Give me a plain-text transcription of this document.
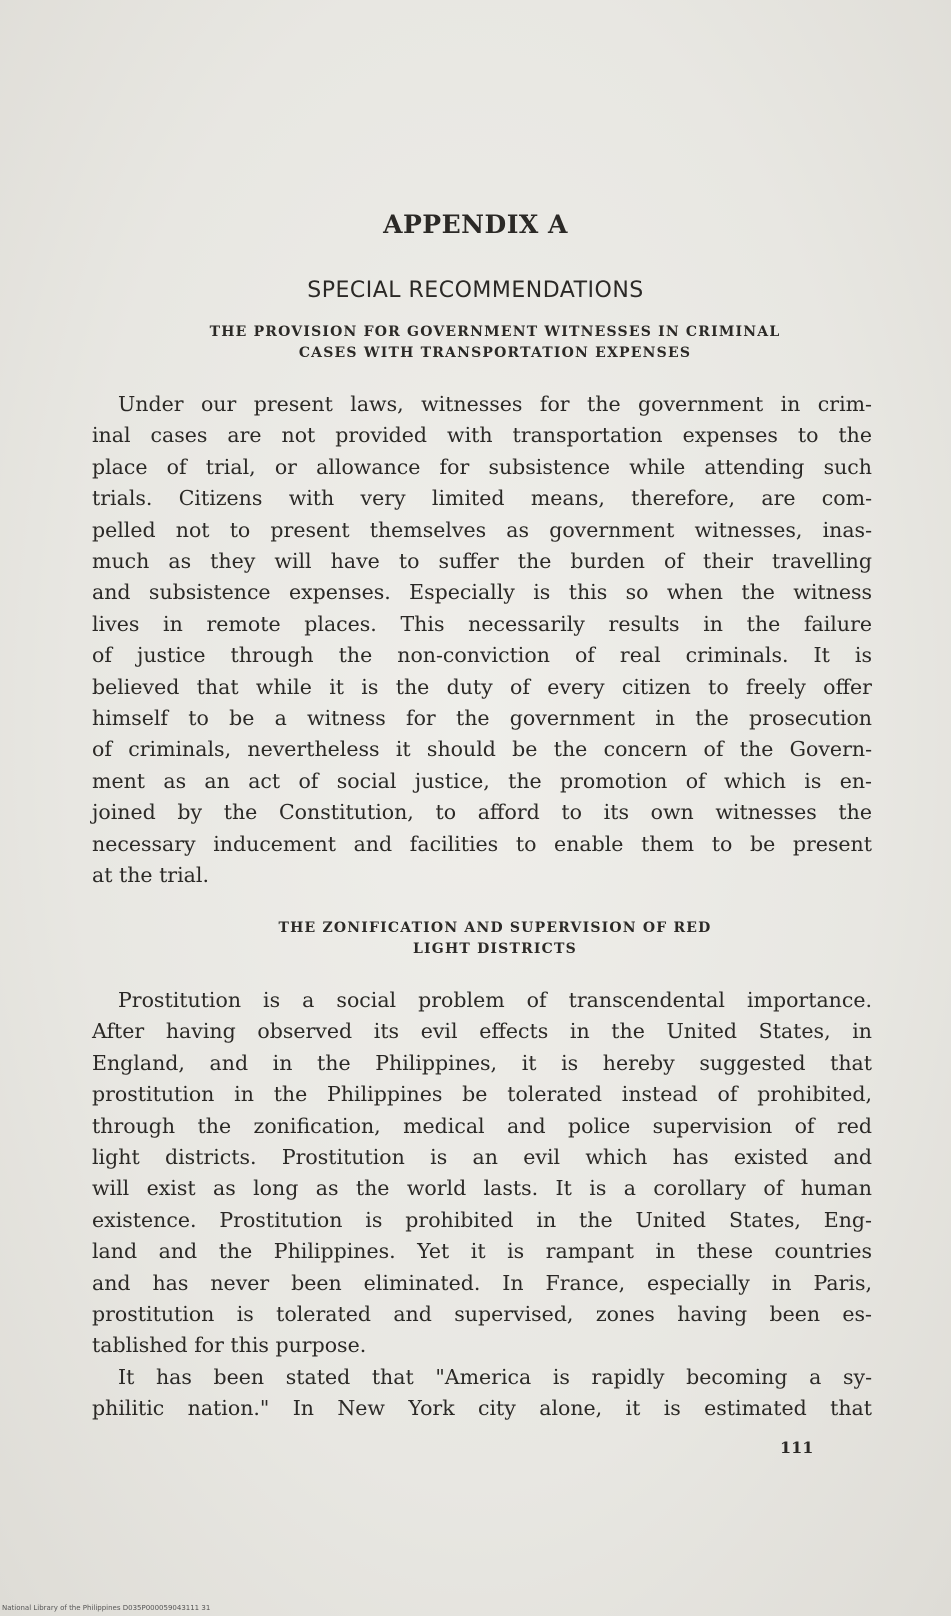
APPENDIX A
SPECIAL RECOMMENDATIONS
THE PROVISION FOR GOVERNMENT WITNESSES IN CRIMINAL
CASES WITH TRANSPORTATION EXPENSES
Under our present laws, witnesses for the government in crim-
inal cases are not provided with transportation expenses to the
place of trial, or allowance for subsistence while attending such
trials. Citizens with very limited means, therefore, are com-
pelled not to present themselves as government witnesses, inas-
much as they will have to suffer the burden of their travelling
and subsistence expenses. Especially is this so when the witness
lives in remote places. This necessarily results in the failure
of justice through the non-conviction of real criminals. It is
believed that while it is the duty of every citizen to freely offer
himself to be a witness for the government in the prosecution
of criminals, nevertheless it should be the concern of the Govern-
ment as an act of social justice, the promotion of which is en-
joined by the Constitution, to afford to its own witnesses the
necessary inducement and facilities to enable them to be present
at the trial.
THE ZONIFICATION AND SUPERVISION OF RED
LIGHT DISTRICTS
Prostitution is a social problem of transcendental importance.
After having observed its evil effects in the United States, in
England, and in the Philippines, it is hereby suggested that
prostitution in the Philippines be tolerated instead of prohibited,
through the zonification, medical and police supervision of red
light districts. Prostitution is an evil which has existed and
will exist as long as the world lasts. It is a corollary of human
existence. Prostitution is prohibited in the United States, Eng-
land and the Philippines. Yet it is rampant in these countries
and has never been eliminated. In France, especially in Paris,
prostitution is tolerated and supervised, zones having been es-
tablished for this purpose.
It has been stated that "America is rapidly becoming a sy-
philitic nation." In New York city alone, it is estimated that
111
National Library of the Philippines D035P000059043111 31
